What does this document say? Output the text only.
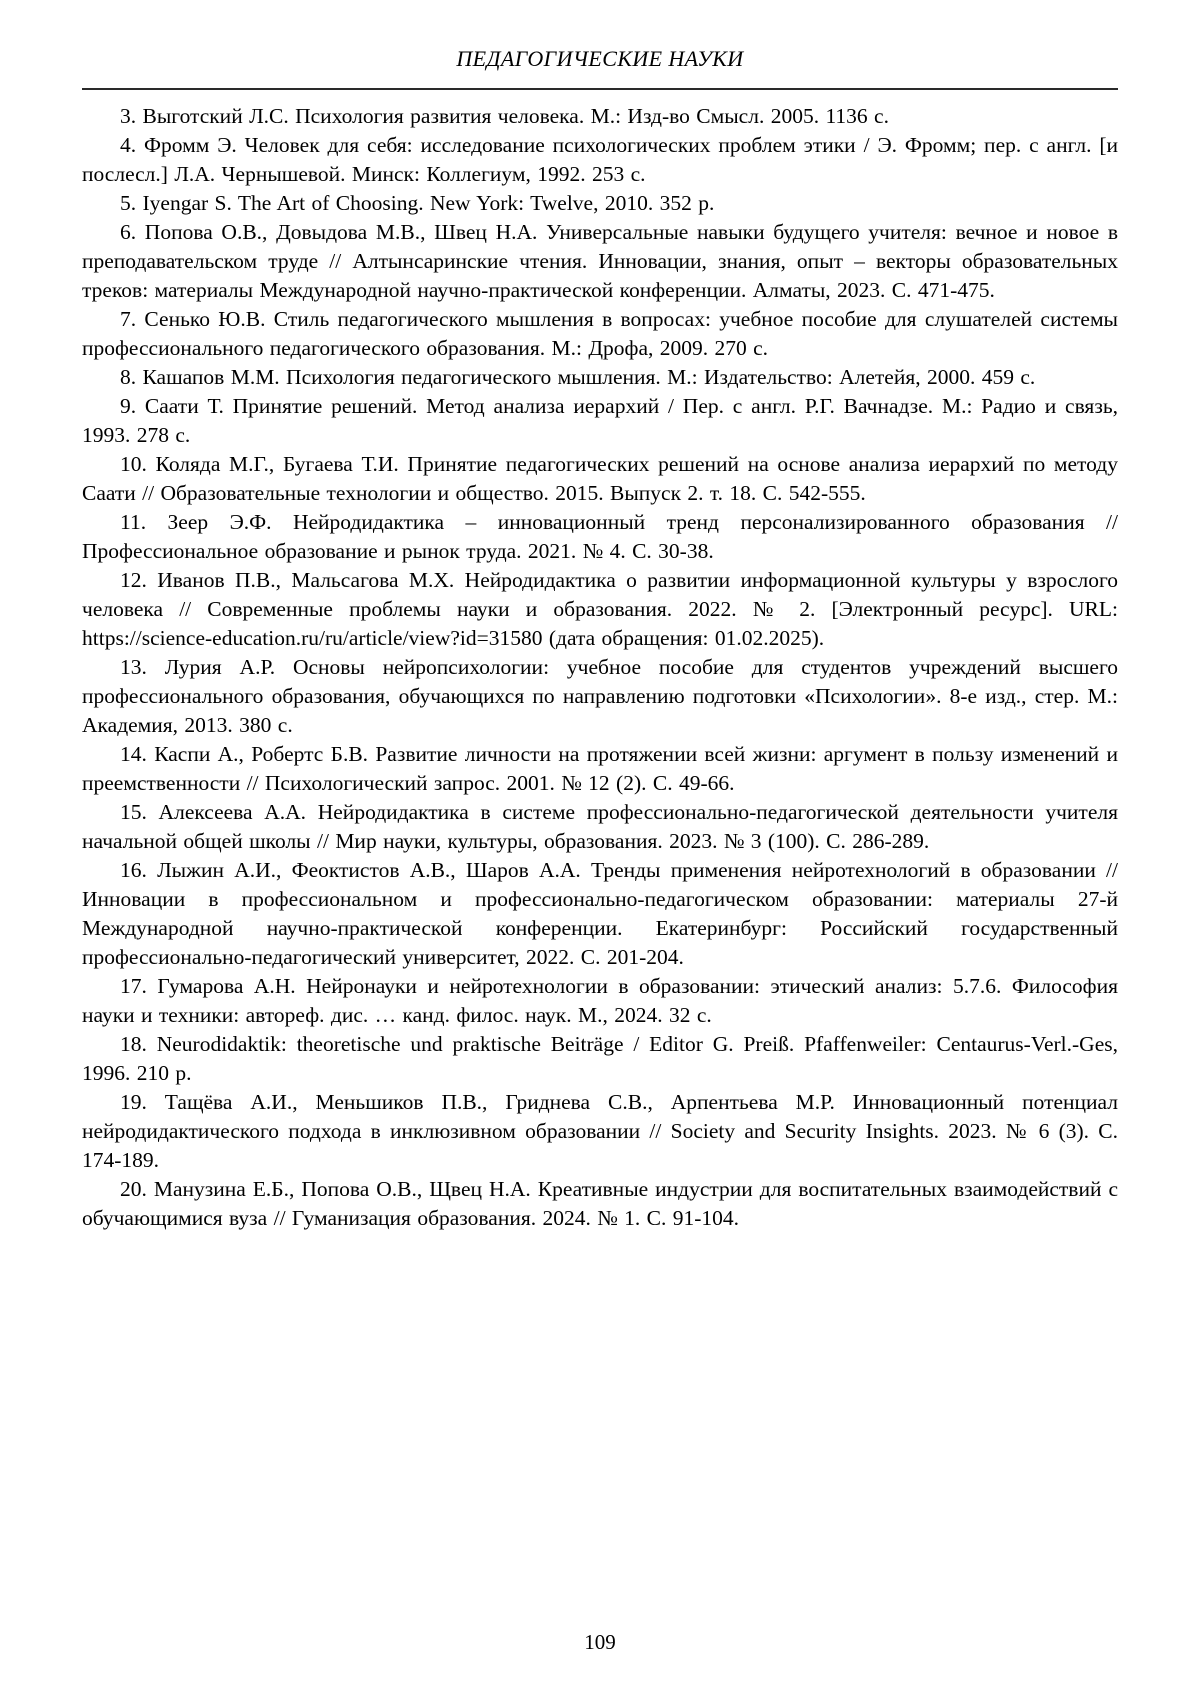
ПЕДАГОГИЧЕСКИЕ НАУКИ

3. Выготский Л.С. Психология развития человека. М.: Изд-во Смысл. 2005. 1136 с.

4. Фромм Э. Человек для себя: исследование психологических проблем этики / Э. Фромм; пер. с англ. [и послесл.] Л.А. Чернышевой. Минск: Коллегиум, 1992. 253 с.

5. Iyengar S. The Art of Choosing. New York: Twelve, 2010. 352 p.

6. Попова О.В., Довыдова М.В., Швец Н.А. Универсальные навыки будущего учителя: вечное и новое в преподавательском труде // Алтынсаринские чтения. Инновации, знания, опыт – векторы образовательных треков: материалы Международной научно-практической конференции. Алматы, 2023. С. 471-475.

7. Сенько Ю.В. Стиль педагогического мышления в вопросах: учебное пособие для слушателей системы профессионального педагогического образования. М.: Дрофа, 2009. 270 с.

8. Кашапов М.М. Психология педагогического мышления. М.: Издательство: Алетейя, 2000. 459 с.

9. Саати Т. Принятие решений. Метод анализа иерархий / Пер. с англ. Р.Г. Вачнадзе. М.: Радио и связь, 1993. 278 с.

10. Коляда М.Г., Бугаева Т.И. Принятие педагогических решений на основе анализа иерархий по методу Саати // Образовательные технологии и общество. 2015. Выпуск 2. т. 18. С. 542-555.

11. Зеер Э.Ф. Нейродидактика – инновационный тренд персонализированного образования // Профессиональное образование и рынок труда. 2021. № 4. С. 30-38.

12. Иванов П.В., Мальсагова М.Х. Нейродидактика о развитии информационной культуры у взрослого человека // Современные проблемы науки и образования. 2022. № 2. [Электронный ресурс]. URL: https://science-education.ru/ru/article/view?id=31580 (дата обращения: 01.02.2025).

13. Лурия А.Р. Основы нейропсихологии: учебное пособие для студентов учреждений высшего профессионального образования, обучающихся по направлению подготовки «Психологии». 8-е изд., стер. М.: Академия, 2013. 380 с.

14. Каспи А., Робертс Б.В. Развитие личности на протяжении всей жизни: аргумент в пользу изменений и преемственности // Психологический запрос. 2001. № 12 (2). С. 49-66.

15. Алексеева А.А. Нейродидактика в системе профессионально-педагогической деятельности учителя начальной общей школы // Мир науки, культуры, образования. 2023. № 3 (100). С. 286-289.

16. Лыжин А.И., Феоктистов А.В., Шаров А.А. Тренды применения нейротехнологий в образовании // Инновации в профессиональном и профессионально-педагогическом образовании: материалы 27-й Международной научно-практической конференции. Екатеринбург: Российский государственный профессионально-педагогический университет, 2022. С. 201-204.

17. Гумарова А.Н. Нейронауки и нейротехнологии в образовании: этический анализ: 5.7.6. Философия науки и техники: автореф. дис. … канд. филос. наук. М., 2024. 32 с.

18. Neurodidaktik: theoretische und praktische Beiträge / Editor G. Preiß. Pfaffenweiler: Centaurus-Verl.-Ges, 1996. 210 p.

19. Тащёва А.И., Меньшиков П.В., Гриднева С.В., Арпентьева М.Р. Инновационный потенциал нейродидактического подхода в инклюзивном образовании // Society and Security Insights. 2023. № 6 (3). С. 174-189.

20. Манузина Е.Б., Попова О.В., Щвец Н.А. Креативные индустрии для воспитательных взаимодействий с обучающимися вуза // Гуманизация образования. 2024. № 1. С. 91-104.

109
